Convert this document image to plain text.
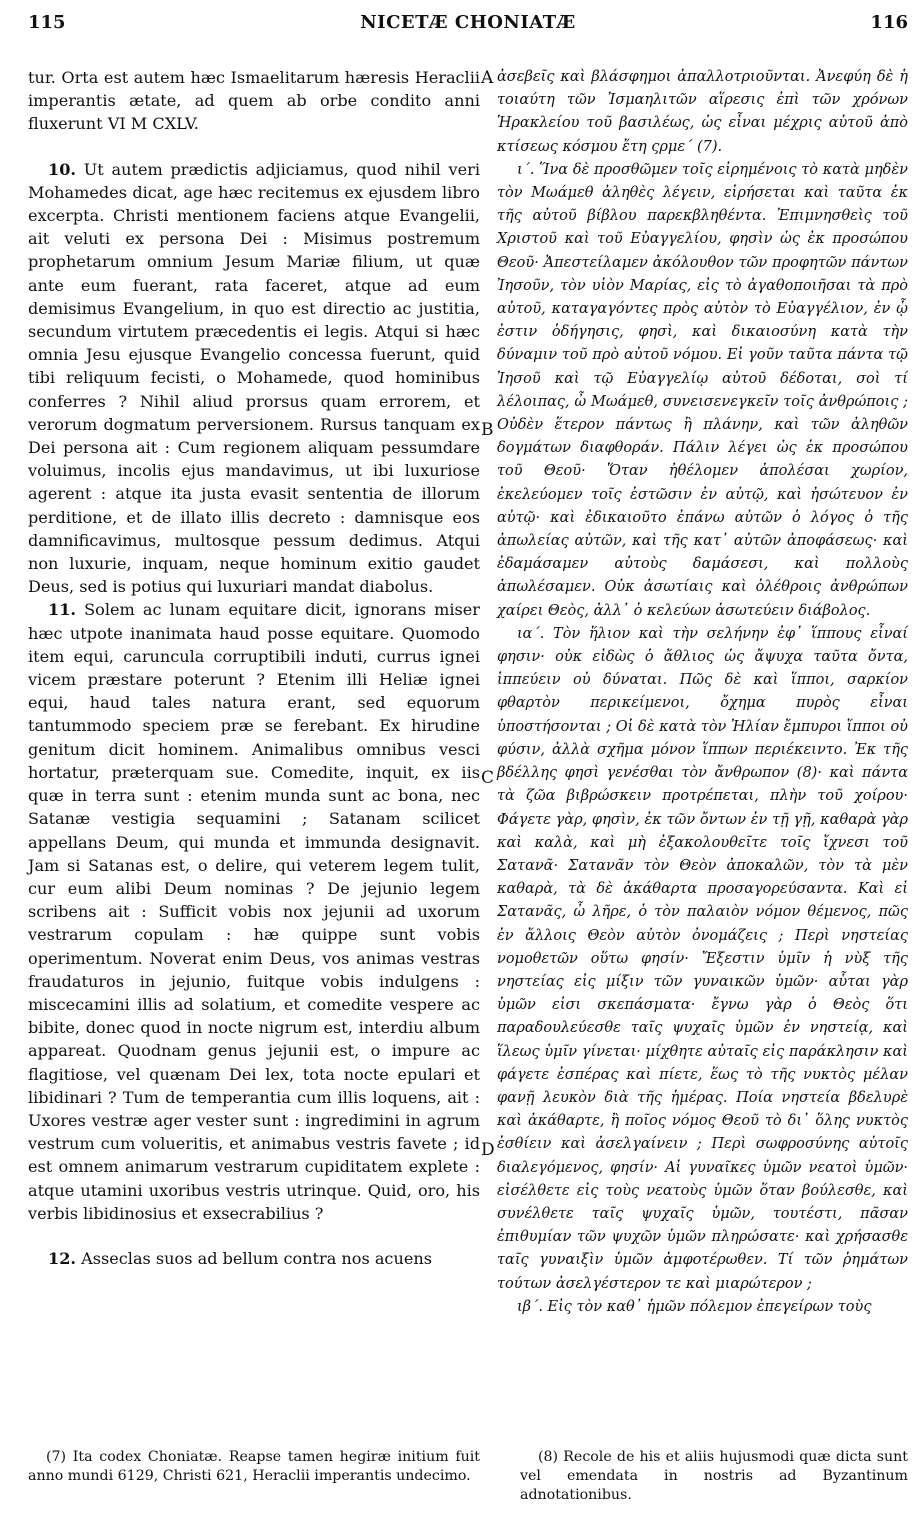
115	NICETÆ CHONIATÆ	116
A
B
C
D

tur. Orta est autem hæc Ismaelitarum hæresis Heraclii imperantis ætate, ad quem ab orbe condito anni fluxerunt VI M CXLV.

10. Ut autem prædictis adjiciamus, quod nihil veri Mohamedes dicat, age hæc recitemus ex ejusdem libro excerpta. Christi mentionem faciens atque Evangelii, ait veluti ex persona Dei : Misimus postremum prophetarum omnium Jesum Mariæ filium, ut quæ ante eum fuerant, rata faceret, atque ad eum demisimus Evangelium, in quo est directio ac justitia, secundum virtutem præcedentis ei legis. Atqui si hæc omnia Jesu ejusque Evangelio concessa fuerunt, quid tibi reliquum fecisti, o Mohamede, quod hominibus conferres ? Nihil aliud prorsus quam errorem, et verorum dogmatum perversionem. Rursus tanquam ex Dei persona ait : Cum regionem aliquam pessumdare voluimus, incolis ejus mandavimus, ut ibi luxuriose agerent : atque ita justa evasit sententia de illorum perditione, et de illato illis decreto : damnisque eos damnificavimus, multosque pessum dedimus. Atqui non luxurie, inquam, neque hominum exitio gaudet Deus, sed is potius qui luxuriari mandat diabolus.

11. Solem ac lunam equitare dicit, ignorans miser hæc utpote inanimata haud posse equitare. Quomodo item equi, carunculа corruptibili induti, currus ignei vicem præstare poterunt ? Etenim illi Heliæ ignei equi, haud tales natura erant, sed equorum tantummodo speciem præ se ferebant. Ex hirudine genitum dicit hominem. Animalibus omnibus vesci hortatur, præterquam sue. Comedite, inquit, ex iis quæ in terra sunt : etenim munda sunt ac bona, nec Satanæ vestigia sequamini ; Satanam scilicet appellans Deum, qui munda et immunda designavit. Jam si Satanas est, o delire, qui veterem legem tulit, cur eum alibi Deum nominas ? De jejunio legem scribens ait : Sufficit vobis nox jejunii ad uxorum vestrarum copulam : hæ quippe sunt vobis operimentum. Noverat enim Deus, vos animas vestras fraudaturos in jejunio, fuitque vobis indulgens : miscecamini illis ad solatium, et comedite vespere ac bibite, donec quod in nocte nigrum est, interdiu album appareat. Quodnam genus jejunii est, o impure ac flagitiose, vel quænam Dei lex, tota nocte epulari et libidinari ? Tum de temperantia cum illis loquens, ait : Uxores vestræ ager vester sunt : ingredimini in agrum vestrum cum volueritis, et animabus vestris favete ; id est omnem animarum vestrarum cupiditatem explete : atque utamini uxoribus vestris utrinque. Quid, oro, his verbis libidinosius et exsecrabilius ?

12. Asseclas suos ad bellum contra nos acuens

ἀσεβεῖς καὶ βλάσφημοι ἀπαλλοτριοῦνται. Ἀνεφύη δὲ ἡ τοιαύτη τῶν Ἰσμαηλιτῶν αἵρεσις ἐπὶ τῶν χρόνων Ἡρακλείου τοῦ βασιλέως, ὡς εἶναι μέχρις αὐτοῦ ἀπὸ κτίσεως κόσμου ἔτη ςρμε΄ (7).

ι΄. Ἵνα δὲ προσθῶμεν τοῖς εἰρημένοις τὸ κατὰ μηδὲν τὸν Μωάμεθ ἀληθὲς λέγειν, εἰρήσεται καὶ ταῦτα ἐκ τῆς αὐτοῦ βίβλου παρεκβληθέντα. Ἐπιμνησθεὶς τοῦ Χριστοῦ καὶ τοῦ Εὐαγγελίου, φησὶν ὡς ἐκ προσώπου Θεοῦ· Ἀπεστείλαμεν ἀκόλουθον τῶν προφητῶν πάντων Ἰησοῦν, τὸν υἱὸν Μαρίας, εἰς τὸ ἀγαθοποιῆσαι τὰ πρὸ αὐτοῦ, καταγαγόντες πρὸς αὐτὸν τὸ Εὐαγγέλιον, ἐν ᾧ ἐστιν ὁδήγησις, φησὶ, καὶ δικαιοσύνη κατὰ τὴν δύναμιν τοῦ πρὸ αὐτοῦ νόμου. Εἰ γοῦν ταῦτα πάντα τῷ Ἰησοῦ καὶ τῷ Εὐαγγελίῳ αὐτοῦ δέδοται, σοὶ τί λέλοιπας, ὦ Μωάμεθ, συνεισενεγκεῖν τοῖς ἀνθρώποις ; Οὐδὲν ἕτερον πάντως ἢ πλάνην, καὶ τῶν ἀληθῶν δογμάτων διαφθοράν. Πάλιν λέγει ὡς ἐκ προσώπου τοῦ Θεοῦ· Ὅταν ἠθέλομεν ἀπολέσαι χωρίον, ἐκελεύομεν τοῖς ἐστῶσιν ἐν αὐτῷ, καὶ ἠσώτευον ἐν αὐτῷ· καὶ ἐδικαιοῦτο ἐπάνω αὐτῶν ὁ λόγος ὁ τῆς ἀπωλείας αὐτῶν, καὶ τῆς κατ᾽ αὐτῶν ἀποφάσεως· καὶ ἐδαμάσαμεν αὐτοὺς δαμάσεσι, καὶ πολλοὺς ἀπωλέσαμεν. Οὐκ ἀσωτίαις καὶ ὀλέθροις ἀνθρώπων χαίρει Θεὸς, ἀλλ᾽ ὁ κελεύων ἀσωτεύειν διάβολος.

ια΄. Τὸν ἥλιον καὶ τὴν σελήνην ἐφ᾽ ἵππους εἶναί φησιν· οὐκ εἰδὼς ὁ ἄθλιος ὡς ἄψυχα ταῦτα ὄντα, ἱππεύειν οὐ δύναται. Πῶς δὲ καὶ ἵπποι, σαρκίον φθαρτὸν περικείμενοι, ὄχημα πυρὸς εἶναι ὑποστήσονται ; Οἱ δὲ κατὰ τὸν Ἠλίαν ἔμπυροι ἵπποι οὐ φύσιν, ἀλλὰ σχῆμα μόνον ἵππων περιέκειντο. Ἐκ τῆς βδέλλης φησὶ γενέσθαι τὸν ἄνθρωπον (8)· καὶ πάντα τὰ ζῶα βιβρώσκειν προτρέπεται, πλὴν τοῦ χοίρου· Φάγετε γὰρ, φησὶν, ἐκ τῶν ὄντων ἐν τῇ γῇ, καθαρὰ γὰρ καὶ καλὰ, καὶ μὴ ἐξακολουθεῖτε τοῖς ἴχνεσι τοῦ Σατανᾶ· Σατανᾶν τὸν Θεὸν ἀποκαλῶν, τὸν τὰ μὲν καθαρὰ, τὰ δὲ ἀκάθαρτα προσαγορεύσαντα. Καὶ εἰ Σατανᾶς, ὦ λῆρε, ὁ τὸν παλαιὸν νόμον θέμενος, πῶς ἐν ἄλλοις Θεὸν αὐτὸν ὀνομάζεις ; Περὶ νηστείας νομοθετῶν οὕτω φησίν· Ἔξεστιν ὑμῖν ἡ νὺξ τῆς νηστείας εἰς μίξιν τῶν γυναικῶν ὑμῶν· αὗται γὰρ ὑμῶν εἰσι σκεπάσματα· ἔγνω γὰρ ὁ Θεὸς ὅτι παραδουλεύεσθε ταῖς ψυχαῖς ὑμῶν ἐν νηστείᾳ, καὶ ἵλεως ὑμῖν γίνεται· μίχθητε αὐταῖς εἰς παράκλησιν καὶ φάγετε ἑσπέρας καὶ πίετε, ἕως τὸ τῆς νυκτὸς μέλαν φανῇ λευκὸν διὰ τῆς ἡμέρας. Ποία νηστεία βδελυρὲ καὶ ἀκάθαρτε, ἢ ποῖος νόμος Θεοῦ τὸ δι᾽ ὅλης νυκτὸς ἐσθίειν καὶ ἀσελγαίνειν ; Περὶ σωφροσύνης αὐτοῖς διαλεγόμενος, φησίν· Αἱ γυναῖκες ὑμῶν νεατοὶ ὑμῶν· εἰσέλθετε εἰς τοὺς νεατοὺς ὑμῶν ὅταν βούλεσθε, καὶ συνέλθετε ταῖς ψυχαῖς ὑμῶν, τουτέστι, πᾶσαν ἐπιθυμίαν τῶν ψυχῶν ὑμῶν πληρώσατε· καὶ χρήσασθε ταῖς γυναιξὶν ὑμῶν ἀμφοτέρωθεν. Τί τῶν ῥημάτων τούτων ἀσελγέστερον τε καὶ μιαρώτερον ;

ιβ΄. Εἰς τὸν καθ᾽ ἡμῶν πόλεμον ἐπεγείρων τοὺς

(7) Ita codex Choniatæ. Reapse tamen hegiræ initium fuit anno mundi 6129, Christi 621, Heraclii imperantis undecimo.

(8) Recole de his et aliis hujusmodi quæ dicta sunt vel emendata in nostris ad Byzantinum adnotationibus.
